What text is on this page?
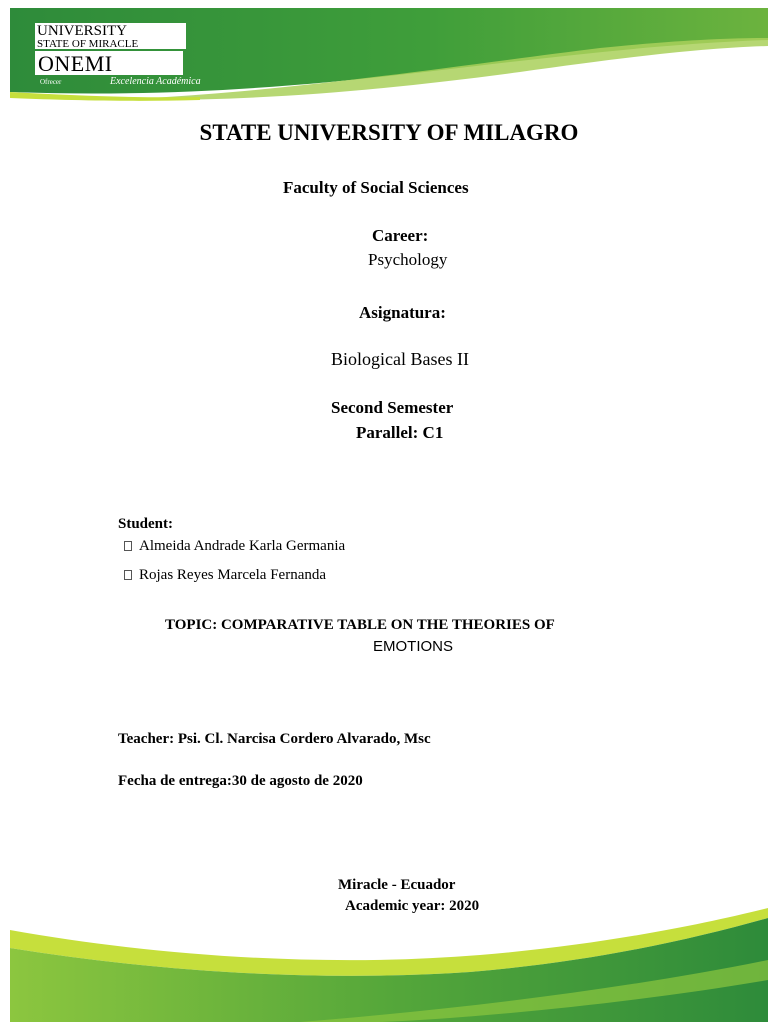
UNIVERSITY
STATE OF MIRACLE
ONEMI
Ofrecer	Excelencia Académica
STATE UNIVERSITY OF MILAGRO
Faculty of Social Sciences
Career:
Psychology
Asignatura:
Biological Bases II
Second Semester
Parallel: C1
Student:
Almeida Andrade Karla Germania
Rojas Reyes Marcela Fernanda
TOPIC: COMPARATIVE TABLE ON THE THEORIES OF
EMOTIONS
Teacher: Psi. Cl. Narcisa Cordero Alvarado, Msc
Fecha de entrega:30 de agosto de 2020
Miracle - Ecuador
Academic year: 2020
